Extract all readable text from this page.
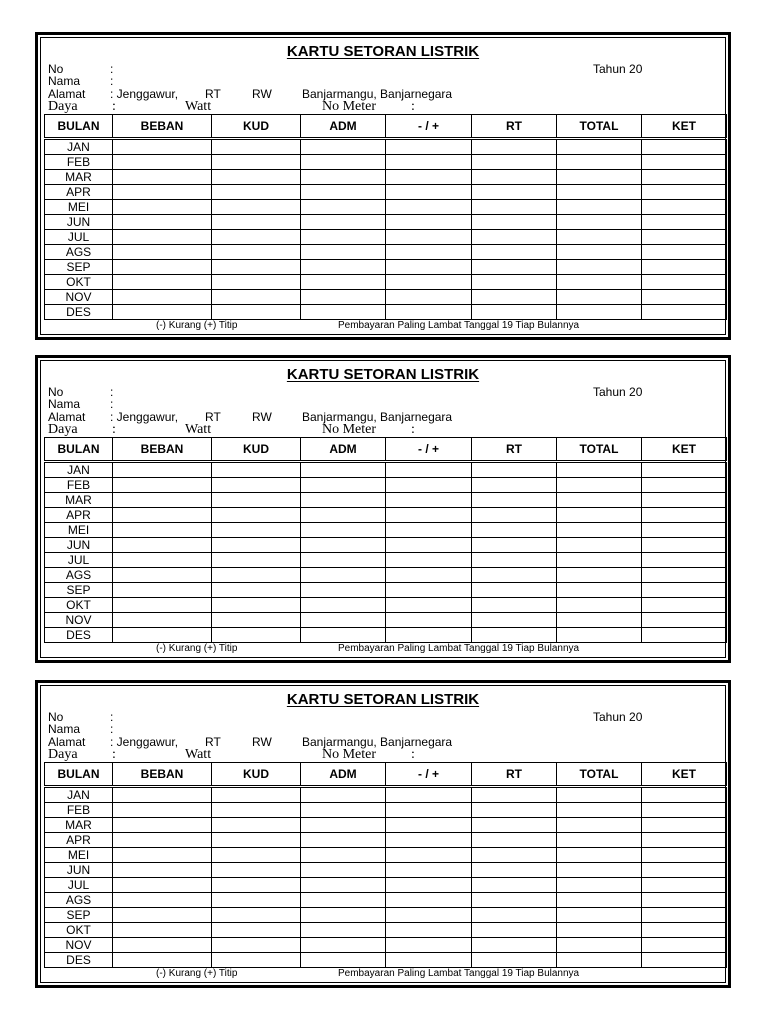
KARTU SETORAN LISTRIK
No	:	Tahun 20
Nama :
Alamat : Jenggawur, RT	RW	Banjarmangu, Banjarnegara
Daya :	Watt	No Meter :
BULAN	BEBAN	KUD	ADM	- / +	RT	TOTAL	KET
JAN							
FEB							
MAR							
APR							
MEI							
JUN							
JUL							
AGS							
SEP							
OKT							
NOV							
DES							
(-) Kurang (+) Titip	Pembayaran Paling Lambat Tanggal 19 Tiap Bulannya
KARTU SETORAN LISTRIK
No	:	Tahun 20
Nama :
Alamat : Jenggawur, RT	RW	Banjarmangu, Banjarnegara
Daya :	Watt	No Meter :
BULAN	BEBAN	KUD	ADM	- / +	RT	TOTAL	KET
JAN							
FEB							
MAR							
APR							
MEI							
JUN							
JUL							
AGS							
SEP							
OKT							
NOV							
DES							
(-) Kurang (+) Titip	Pembayaran Paling Lambat Tanggal 19 Tiap Bulannya
KARTU SETORAN LISTRIK
No	:	Tahun 20
Nama :
Alamat : Jenggawur, RT	RW	Banjarmangu, Banjarnegara
Daya :	Watt	No Meter :
BULAN	BEBAN	KUD	ADM	- / +	RT	TOTAL	KET
JAN							
FEB							
MAR							
APR							
MEI							
JUN							
JUL							
AGS							
SEP							
OKT							
NOV							
DES							
(-) Kurang (+) Titip	Pembayaran Paling Lambat Tanggal 19 Tiap Bulannya
